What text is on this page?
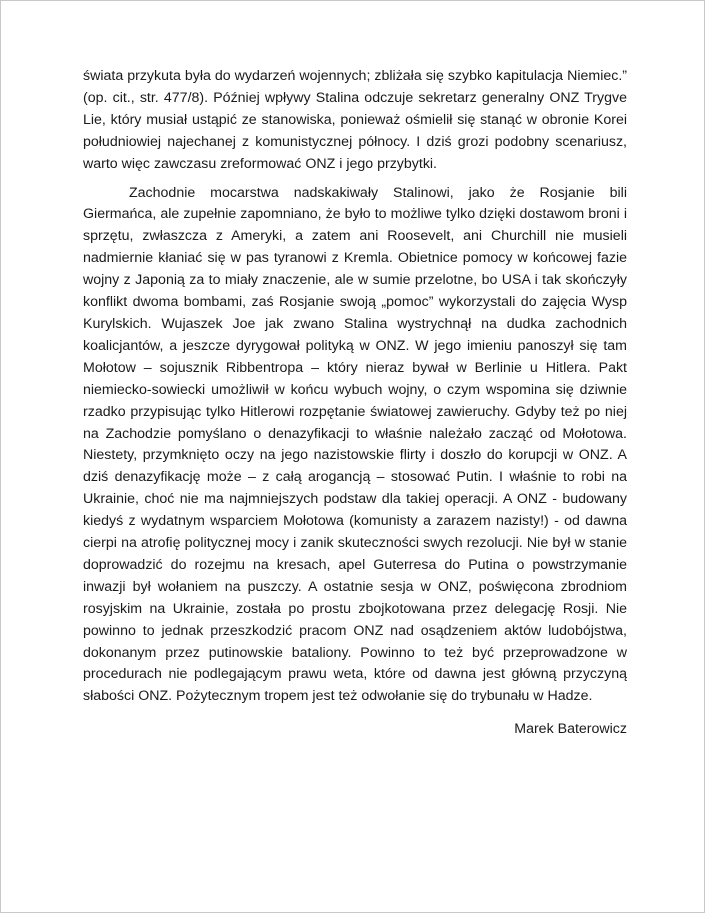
świata przykuta była do wydarzeń wojennych; zbliżała się szybko kapitulacja Niemiec.” (op. cit., str. 477/8). Później wpływy Stalina odczuje sekretarz generalny ONZ Trygve Lie, który musiał ustąpić ze stanowiska, ponieważ ośmielił się stanąć w obronie Korei południowiej najechanej z komunistycznej północy. I dziś grozi podobny scenariusz, warto więc zawczasu zreformować ONZ i jego przybytki.

Zachodnie mocarstwa nadskakiwały Stalinowi, jako że Rosjanie bili Giermańca, ale zupełnie zapomniano, że było to możliwe tylko dzięki dostawom broni i sprzętu, zwłaszcza z Ameryki, a zatem ani Roosevelt, ani Churchill nie musieli nadmiernie kłaniać się w pas tyranowi z Kremla. Obietnice pomocy w końcowej fazie wojny z Japonią za to miały znaczenie, ale w sumie przelotne, bo USA i tak skończyły konflikt dwoma bombami, zaś Rosjanie swoją „pomoc” wykorzystali do zajęcia Wysp Kurylskich. Wujaszek Joe jak zwano Stalina wystrychnął na dudka zachodnich koalicjantów, a jeszcze dyrygował polityką w ONZ. W jego imieniu panoszył się tam Mołotow – sojusznik Ribbentropa – który nieraz bywał w Berlinie u Hitlera. Pakt niemiecko-sowiecki umożliwił w końcu wybuch wojny, o czym wspomina się dziwnie rzadko przypisując tylko Hitlerowi rozpętanie światowej zawieruchy. Gdyby też po niej na Zachodzie pomyślano o denazyfikacji to właśnie należało zacząć od Mołotowa. Niestety, przymknięto oczy na jego nazistowskie flirty i doszło do korupcji w ONZ. A dziś denazyfikację może – z całą arogancją – stosować Putin. I właśnie to robi na Ukrainie, choć nie ma najmniejszych podstaw dla takiej operacji. A ONZ - budowany kiedyś z wydatnym wsparciem Mołotowa (komunisty a zarazem nazisty!) - od dawna cierpi na atrofię politycznej mocy i zanik skuteczności swych rezolucji. Nie był w stanie doprowadzić do rozejmu na kresach, apel Guterresa do Putina o powstrzymanie inwazji był wołaniem na puszczy. A ostatnie sesja w ONZ, poświęcona zbrodniom rosyjskim na Ukrainie, została po prostu zbojkotowana przez delegację Rosji. Nie powinno to jednak przeszkodzić pracom ONZ nad osądzeniem aktów ludobójstwa, dokonanym przez putinowskie bataliony. Powinno to też być przeprowadzone w procedurach nie podlegającym prawu weta, które od dawna jest główną przyczyną słabości ONZ. Pożytecznym tropem jest też odwołanie się do trybunału w Hadze.

Marek Baterowicz
